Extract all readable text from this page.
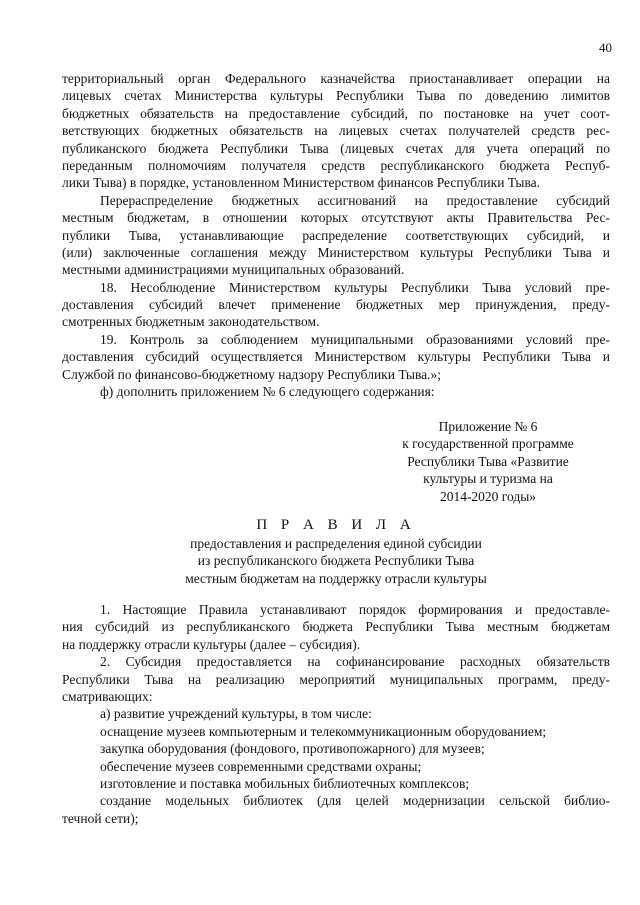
40
территориальный орган Федерального казначейства приостанавливает операции на
лицевых счетах Министерства культуры Республики Тыва по доведению лимитов
бюджетных обязательств на предоставление субсидий, по постановке на учет соот-
ветствующих бюджетных обязательств на лицевых счетах получателей средств рес-
публиканского бюджета Республики Тыва (лицевых счетах для учета операций по
переданным полномочиям получателя средств республиканского бюджета Респуб-
лики Тыва) в порядке, установленном Министерством финансов Республики Тыва.
Перераспределение бюджетных ассигнований на предоставление субсидий
местным бюджетам, в отношении которых отсутствуют акты Правительства Рес-
публики Тыва, устанавливающие распределение соответствующих субсидий, и
(или) заключенные соглашения между Министерством культуры Республики Тыва и
местными администрациями муниципальных образований.
18. Несоблюдение Министерством культуры Республики Тыва условий пре-
доставления субсидий влечет применение бюджетных мер принуждения, преду-
смотренных бюджетным законодательством.
19. Контроль за соблюдением муниципальными образованиями условий пре-
доставления субсидий осуществляется Министерством культуры Республики Тыва и
Службой по финансово-бюджетному надзору Республики Тыва.»;
ф) дополнить приложением № 6 следующего содержания:
Приложение № 6
к государственной программе
Республики Тыва «Развитие
культуры и туризма на
2014-2020 годы»
П Р А В И Л А
предоставления и распределения единой субсидии
из республиканского бюджета Республики Тыва
местным бюджетам на поддержку отрасли культуры
1. Настоящие Правила устанавливают порядок формирования и предоставле-
ния субсидий из республиканского бюджета Республики Тыва местным бюджетам
на поддержку отрасли культуры (далее – субсидия).
2. Субсидия предоставляется на софинансирование расходных обязательств
Республики Тыва на реализацию мероприятий муниципальных программ, преду-
сматривающих:
а) развитие учреждений культуры, в том числе:
оснащение музеев компьютерным и телекоммуникационным оборудованием;
закупка оборудования (фондового, противопожарного) для музеев;
обеспечение музеев современными средствами охраны;
изготовление и поставка мобильных библиотечных комплексов;
создание модельных библиотек (для целей модернизации сельской библио-
течной сети);
